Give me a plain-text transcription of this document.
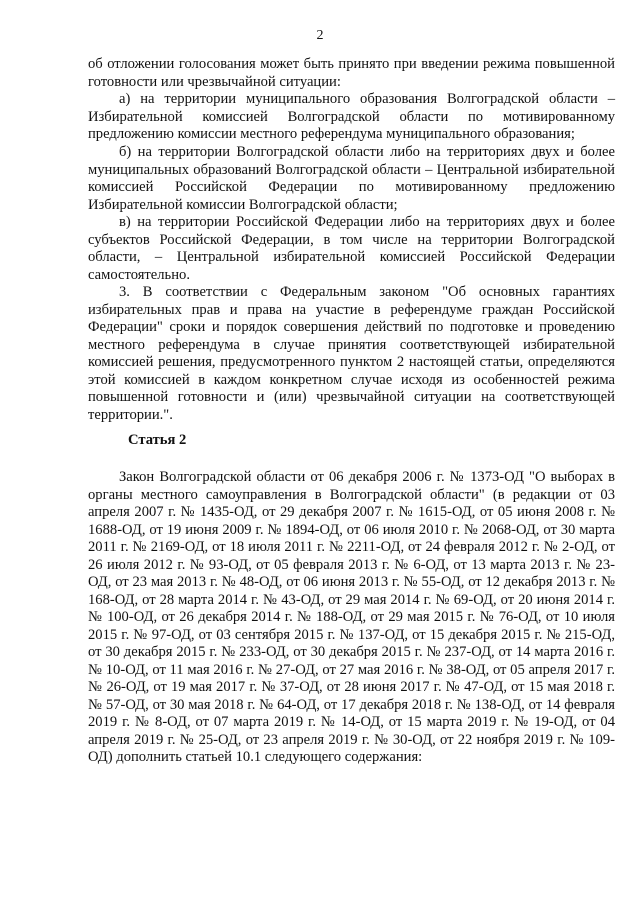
2
об отложении голосования может быть принято при введении режима повышенной готовности или чрезвычайной ситуации:
а) на территории муниципального образования Волгоградской области – Избирательной комиссией Волгоградской области по мотивированному предложению комиссии местного референдума муниципального образования;
б) на территории Волгоградской области либо на территориях двух и более муниципальных образований Волгоградской области – Центральной избирательной комиссией Российской Федерации по мотивированному предложению Избирательной комиссии Волгоградской области;
в) на территории Российской Федерации либо на территориях двух и более субъектов Российской Федерации, в том числе на территории Волгоградской области, – Центральной избирательной комиссией Российской Федерации самостоятельно.
3. В соответствии с Федеральным законом "Об основных гарантиях избирательных прав и права на участие в референдуме граждан Российской Федерации" сроки и порядок совершения действий по подготовке и проведению местного референдума в случае принятия соответствующей избирательной комиссией решения, предусмотренного пунктом 2 настоящей статьи, определяются этой комиссией в каждом конкретном случае исходя из особенностей режима повышенной готовности и (или) чрезвычайной ситуации на соответствующей территории.".
Статья 2
Закон Волгоградской области от 06 декабря 2006 г. № 1373-ОД "О выборах в органы местного самоуправления в Волгоградской области" (в редакции от 03 апреля 2007 г. № 1435-ОД, от 29 декабря 2007 г. № 1615-ОД, от 05 июня 2008 г. № 1688-ОД, от 19 июня 2009 г. № 1894-ОД, от 06 июля 2010 г. № 2068-ОД, от 30 марта 2011 г. № 2169-ОД, от 18 июля 2011 г. № 2211-ОД, от 24 февраля 2012 г. № 2-ОД, от 26 июля 2012 г. № 93-ОД, от 05 февраля 2013 г. № 6-ОД, от 13 марта 2013 г. № 23-ОД, от 23 мая 2013 г. № 48-ОД, от 06 июня 2013 г. № 55-ОД, от 12 декабря 2013 г. № 168-ОД, от 28 марта 2014 г. № 43-ОД, от 29 мая 2014 г. № 69-ОД, от 20 июня 2014 г. № 100-ОД, от 26 декабря 2014 г. № 188-ОД, от 29 мая 2015 г. № 76-ОД, от 10 июля 2015 г. № 97-ОД, от 03 сентября 2015 г. № 137-ОД, от 15 декабря 2015 г. № 215-ОД, от 30 декабря 2015 г. № 233-ОД, от 30 декабря 2015 г. № 237-ОД, от 14 марта 2016 г. № 10-ОД, от 11 мая 2016 г. № 27-ОД, от 27 мая 2016 г. № 38-ОД, от 05 апреля 2017 г. № 26-ОД, от 19 мая 2017 г. № 37-ОД, от 28 июня 2017 г. № 47-ОД, от 15 мая 2018 г. № 57-ОД, от 30 мая 2018 г. № 64-ОД, от 17 декабря 2018 г. № 138-ОД, от 14 февраля 2019 г. № 8-ОД, от 07 марта 2019 г. № 14-ОД, от 15 марта 2019 г. № 19-ОД, от 04 апреля 2019 г. № 25-ОД, от 23 апреля 2019 г. № 30-ОД, от 22 ноября 2019 г. № 109-ОД) дополнить статьей 10.1 следующего содержания:
